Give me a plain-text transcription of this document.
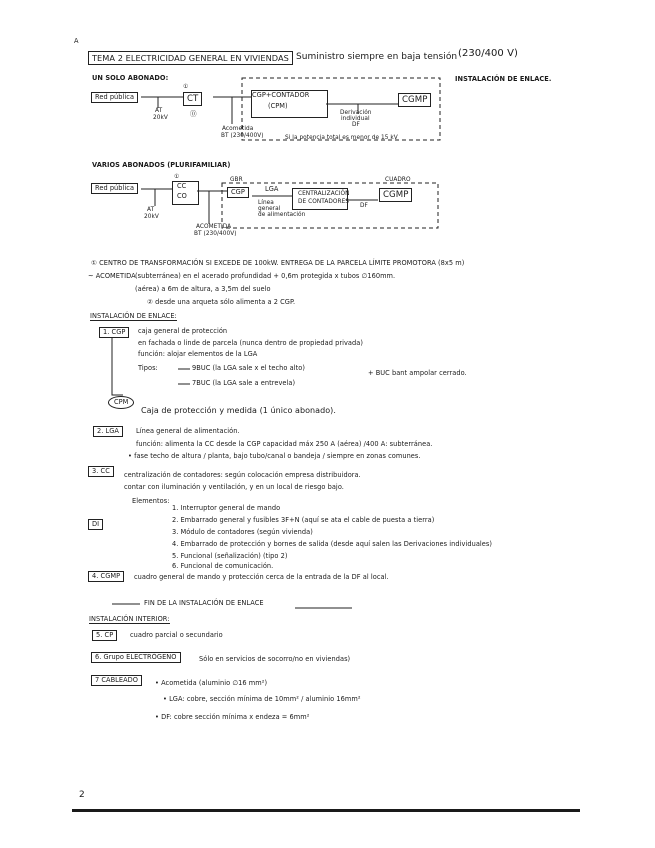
A
TEMA 2 ELECTRICIDAD GENERAL EN VIVIENDAS Suministro siempre en baja tensión (230/400 V)
UN SOLO ABONADO:	INSTALACIÓN DE ENLACE.
Red pública
①
CT
⓪
AT
20kV
CGP+CONTADOR
(CPM)
Acometida
BT (230/400V)
Derivación
individual
DF
CGMP
Si la potencia total es menor de 15 kV
VARIOS ABONADOS (PLURIFAMILIAR)
Red pública
①
CC
CO
AT
20kV
ACOMETIDA
BT (230/400V)
GBR
CGP	LGA
Línea
general
de alimentación
CENTRALIZACIÓN
DE CONTADORES
DF
CUADRO
CGMP
① CENTRO DE TRANSFORMACIÓN SI EXCEDE DE 100kW. ENTREGA DE LA PARCELA LÍMITE PROMOTORA (8x5 m)
~ ACOMETIDA (subterránea) en el acerado profundidad + 0,6m protegida x tubos ∅160mm.
(aérea) a 6m de altura, a 3,5m del suelo
② desde una arqueta sólo alimenta a 2 CGP.
INSTALACIÓN DE ENLACE:
1. CGP	caja general de protección
en fachada o linde de parcela (nunca dentro de propiedad privada)
función: alojar elementos de la LGA
Tipos:	9BUC (la LGA sale x el techo alto)
7BUC (la LGA sale a entrevela)
+ BUC bant ampolar cerrado.
CPM
Caja de protección y medida (1 único abonado).
2. LGA	Línea general de alimentación.
función: alimenta la CC desde la CGP capacidad máx 250 A (aérea) /400 A: subterránea.
• fase techo de altura / planta, bajo tubo/canal o bandeja / siempre en zonas comunes.
3. CC	centralización de contadores: según colocación empresa distribuidora.
contar con iluminación y ventilación, y en un local de riesgo bajo.
Elementos:
1. Interruptor general de mando
2. Embarrado general y fusibles 3F+N (aquí se ata el cable de puesta a tierra)
3. Módulo de contadores (según vivienda)
4. Embarrado de protección y bornes de salida (desde aquí salen las Derivaciones individuales)
5. Funcional (señalización) (tipo 2)
6. Funcional de comunicación.
DI
4. CGMP	cuadro general de mando y protección cerca de la entrada de la DF al local.
FIN DE LA INSTALACIÓN DE ENLACE
INSTALACIÓN INTERIOR:
5. CP	cuadro parcial o secundario
6. Grupo ELECTRÓGENO	Sólo en servicios de socorro/no en viviendas)
7 CABLEADO	• Acometida (aluminio ∅16 mm²)
• LGA: cobre, sección mínima de 10mm² / aluminio 16mm²
• DF: cobre sección mínima x endeza = 6mm²
2
